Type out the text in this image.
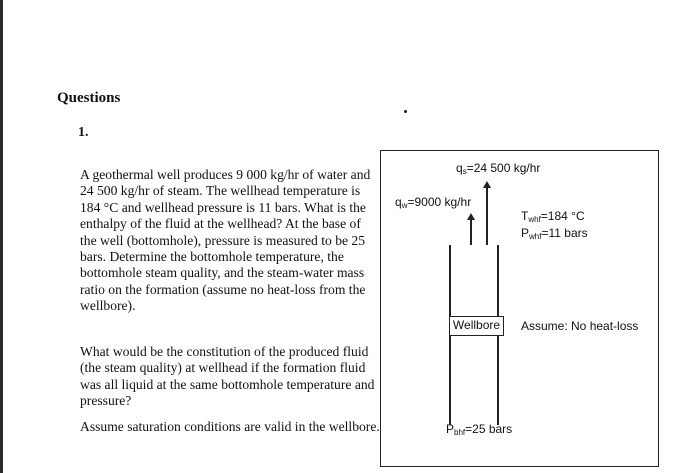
Questions
1.

A geothermal well produces 9 000 kg/hr of water and 24 500 kg/hr of steam. The wellhead temperature is 184 °C and wellhead pressure is 11 bars. What is the enthalpy of the fluid at the wellhead? At the base of the well (bottomhole), pressure is measured to be 25 bars. Determine the bottomhole temperature, the bottomhole steam quality, and the steam-water mass ratio on the formation (assume no heat-loss from the wellbore).

What would be the constitution of the produced fluid (the steam quality) at wellhead if the formation fluid was all liquid at the same bottomhole temperature and pressure?

Assume saturation conditions are valid in the wellbore.

$q_s=24$ 500 kg/hr
$q_w=9000$ kg/hr
$T_{whf}=184$ °C
$P_{whf}=11$ bars
Wellbore	Assume: No heat-loss
$P_{bhf}=25$ bars
